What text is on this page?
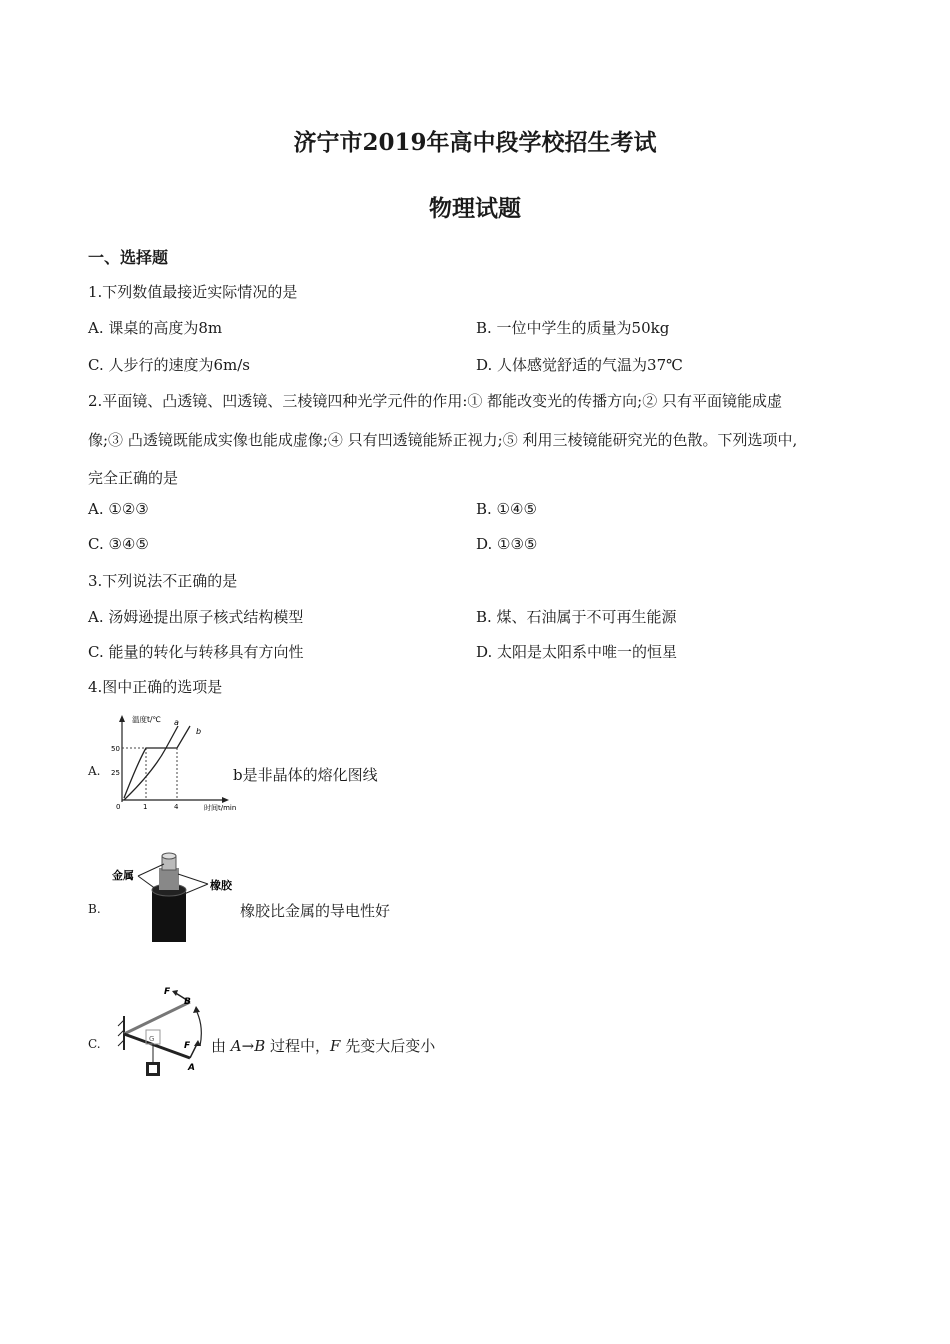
济宁市2019年高中段学校招生考试
物理试题
一、选择题
1.下列数值最接近实际情况的是
A. 课桌的高度为8m	B. 一位中学生的质量为50kg
C. 人步行的速度为6m/s	D. 人体感觉舒适的气温为37℃
2.平面镜、凸透镜、凹透镜、三棱镜四种光学元件的作用:① 都能改变光的传播方向;② 只有平面镜能成虚
像;③ 凸透镜既能成实像也能成虚像;④ 只有凹透镜能矫正视力;⑤ 利用三棱镜能研究光的色散。下列选项中,
完全正确的是
A. ①②③	B. ①④⑤
C. ③④⑤	D. ①③⑤
3.下列说法不正确的是
A. 汤姆逊提出原子核式结构模型	B. 煤、石油属于不可再生能源
C. 能量的转化与转移具有方向性	D. 太阳是太阳系中唯一的恒星
4.图中正确的选项是
A.
温度t/℃
时间t/min
50
25
0	1	4
a
b
b是非晶体的熔化图线
B.
金属
橡胶
橡胶比金属的导电性好
C.	G
F
B
F
A
由 A→B 过程中，F 先变大后变小
